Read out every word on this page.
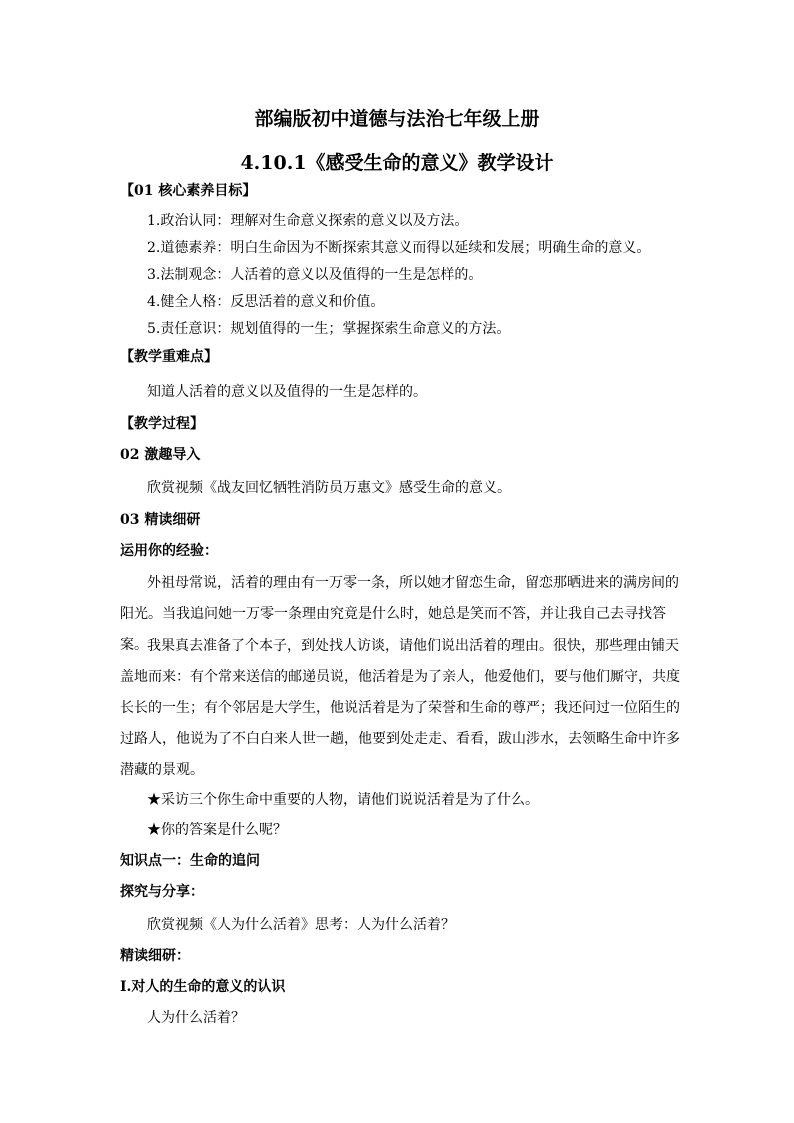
部编版初中道德与法治七年级上册
4.10.1《感受生命的意义》教学设计
【01 核心素养目标】
1.政治认同：理解对生命意义探索的意义以及方法。
2.道德素养：明白生命因为不断探索其意义而得以延续和发展；明确生命的意义。
3.法制观念：人活着的意义以及值得的一生是怎样的。
4.健全人格：反思活着的意义和价值。
5.责任意识：规划值得的一生；掌握探索生命意义的方法。
【教学重难点】
知道人活着的意义以及值得的一生是怎样的。
【教学过程】
02 激趣导入
欣赏视频《战友回忆牺牲消防员万惠文》感受生命的意义。
03 精读细研
运用你的经验：
外祖母常说，活着的理由有一万零一条，所以她才留恋生命，留恋那晒进来的满房间的阳光。当我追问她一万零一条理由究竟是什么时，她总是笑而不答，并让我自己去寻找答案。 我果真去准备了个本子，到处找人访谈，请他们说出活着的理由。很快，那些理由铺天盖地而来：有个常来送信的邮递员说，他活着是为了亲人，他爱他们，要与他们厮守，共度长长的一生；有个邻居是大学生，他说活着是为了荣誉和生命的尊严；我还问过一位陌生的过路人，他说为了不白白来人世一趟，他要到处走走、看看，跋山涉水，去领略生命中许多潜藏的景观。
★采访三个你生命中重要的人物，请他们说说活着是为了什么。
★你的答案是什么呢？
知识点一：生命的追问
探究与分享：
欣赏视频《人为什么活着》思考：人为什么活着？
精读细研：
I.对人的生命的意义的认识
人为什么活着？
